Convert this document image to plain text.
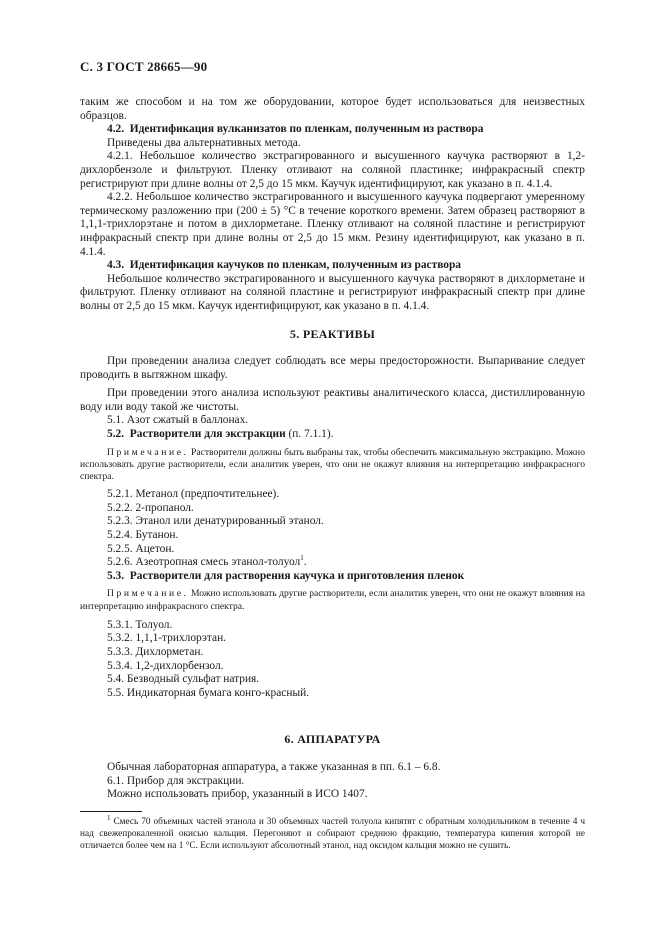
С. 3 ГОСТ 28665—90

таким же способом и на том же оборудовании, которое будет использоваться для неизвестных образцов.

4.2. Идентификация вулканизатов по пленкам, полученным из раствора

Приведены два альтернативных метода.

4.2.1. Небольшое количество экстрагированного и высушенного каучука растворяют в 1,2-дихлорбензоле и фильтруют. Пленку отливают на соляной пластинке; инфракрасный спектр регистрируют при длине волны от 2,5 до 15 мкм. Каучук идентифицируют, как указано в п. 4.1.4.

4.2.2. Небольшое количество экстрагированного и высушенного каучука подвергают умеренному термическому разложению при (200 ± 5) °С в течение короткого времени. Затем образец растворяют в 1,1,1-трихлорэтане и потом в дихлорметане. Пленку отливают на соляной пластине и регистрируют инфракрасный спектр при длине волны от 2,5 до 15 мкм. Резину идентифицируют, как указано в п. 4.1.4.

4.3. Идентификация каучуков по пленкам, полученным из раствора

Небольшое количество экстрагированного и высушенного каучука растворяют в дихлорметане и фильтруют. Пленку отливают на соляной пластине и регистрируют инфракрасный спектр при длине волны от 2,5 до 15 мкм. Каучук идентифицируют, как указано в п. 4.1.4.

5. РЕАКТИВЫ

При проведении анализа следует соблюдать все меры предосторожности. Выпаривание следует проводить в вытяжном шкафу.

При проведении этого анализа используют реактивы аналитического класса, дистиллированную воду или воду такой же чистоты.

5.1. Азот сжатый в баллонах.

5.2. Растворители для экстракции (п. 7.1.1).

Примечание. Растворители должны быть выбраны так, чтобы обеспечить максимальную экстракцию. Можно использовать другие растворители, если аналитик уверен, что они не окажут влияния на интерпретацию инфракрасного спектра.

5.2.1. Метанол (предпочтительнее).

5.2.2. 2-пропанол.

5.2.3. Этанол или денатурированный этанол.

5.2.4. Бутанон.

5.2.5. Ацетон.

5.2.6. Азеотропная смесь этанол-толуол$^1$.

5.3. Растворители для растворения каучука и приготовления пленок

Примечание. Можно использовать другие растворители, если аналитик уверен, что они не окажут влияния на интерпретацию инфракрасного спектра.

5.3.1. Толуол.

5.3.2. 1,1,1-трихлорэтан.

5.3.3. Дихлорметан.

5.3.4. 1,2-дихлорбензол.

5.4. Безводный сульфат натрия.

5.5. Индикаторная бумага конго-красный.

6. АППАРАТУРА

Обычная лабораторная аппаратура, а также указанная в пп. 6.1 – 6.8.

6.1. Прибор для экстракции.

Можно использовать прибор, указанный в ИСО 1407.

$^1$ Смесь 70 объемных частей этанола и 30 объемных частей толуола кипятят с обратным холодильником в течение 4 ч над свежепрокаленной окисью кальция. Перегоняют и собирают среднюю фракцию, температура кипения которой не отличается более чем на 1 °С. Если используют абсолютный этанол, над оксидом кальция можно не сушить.
